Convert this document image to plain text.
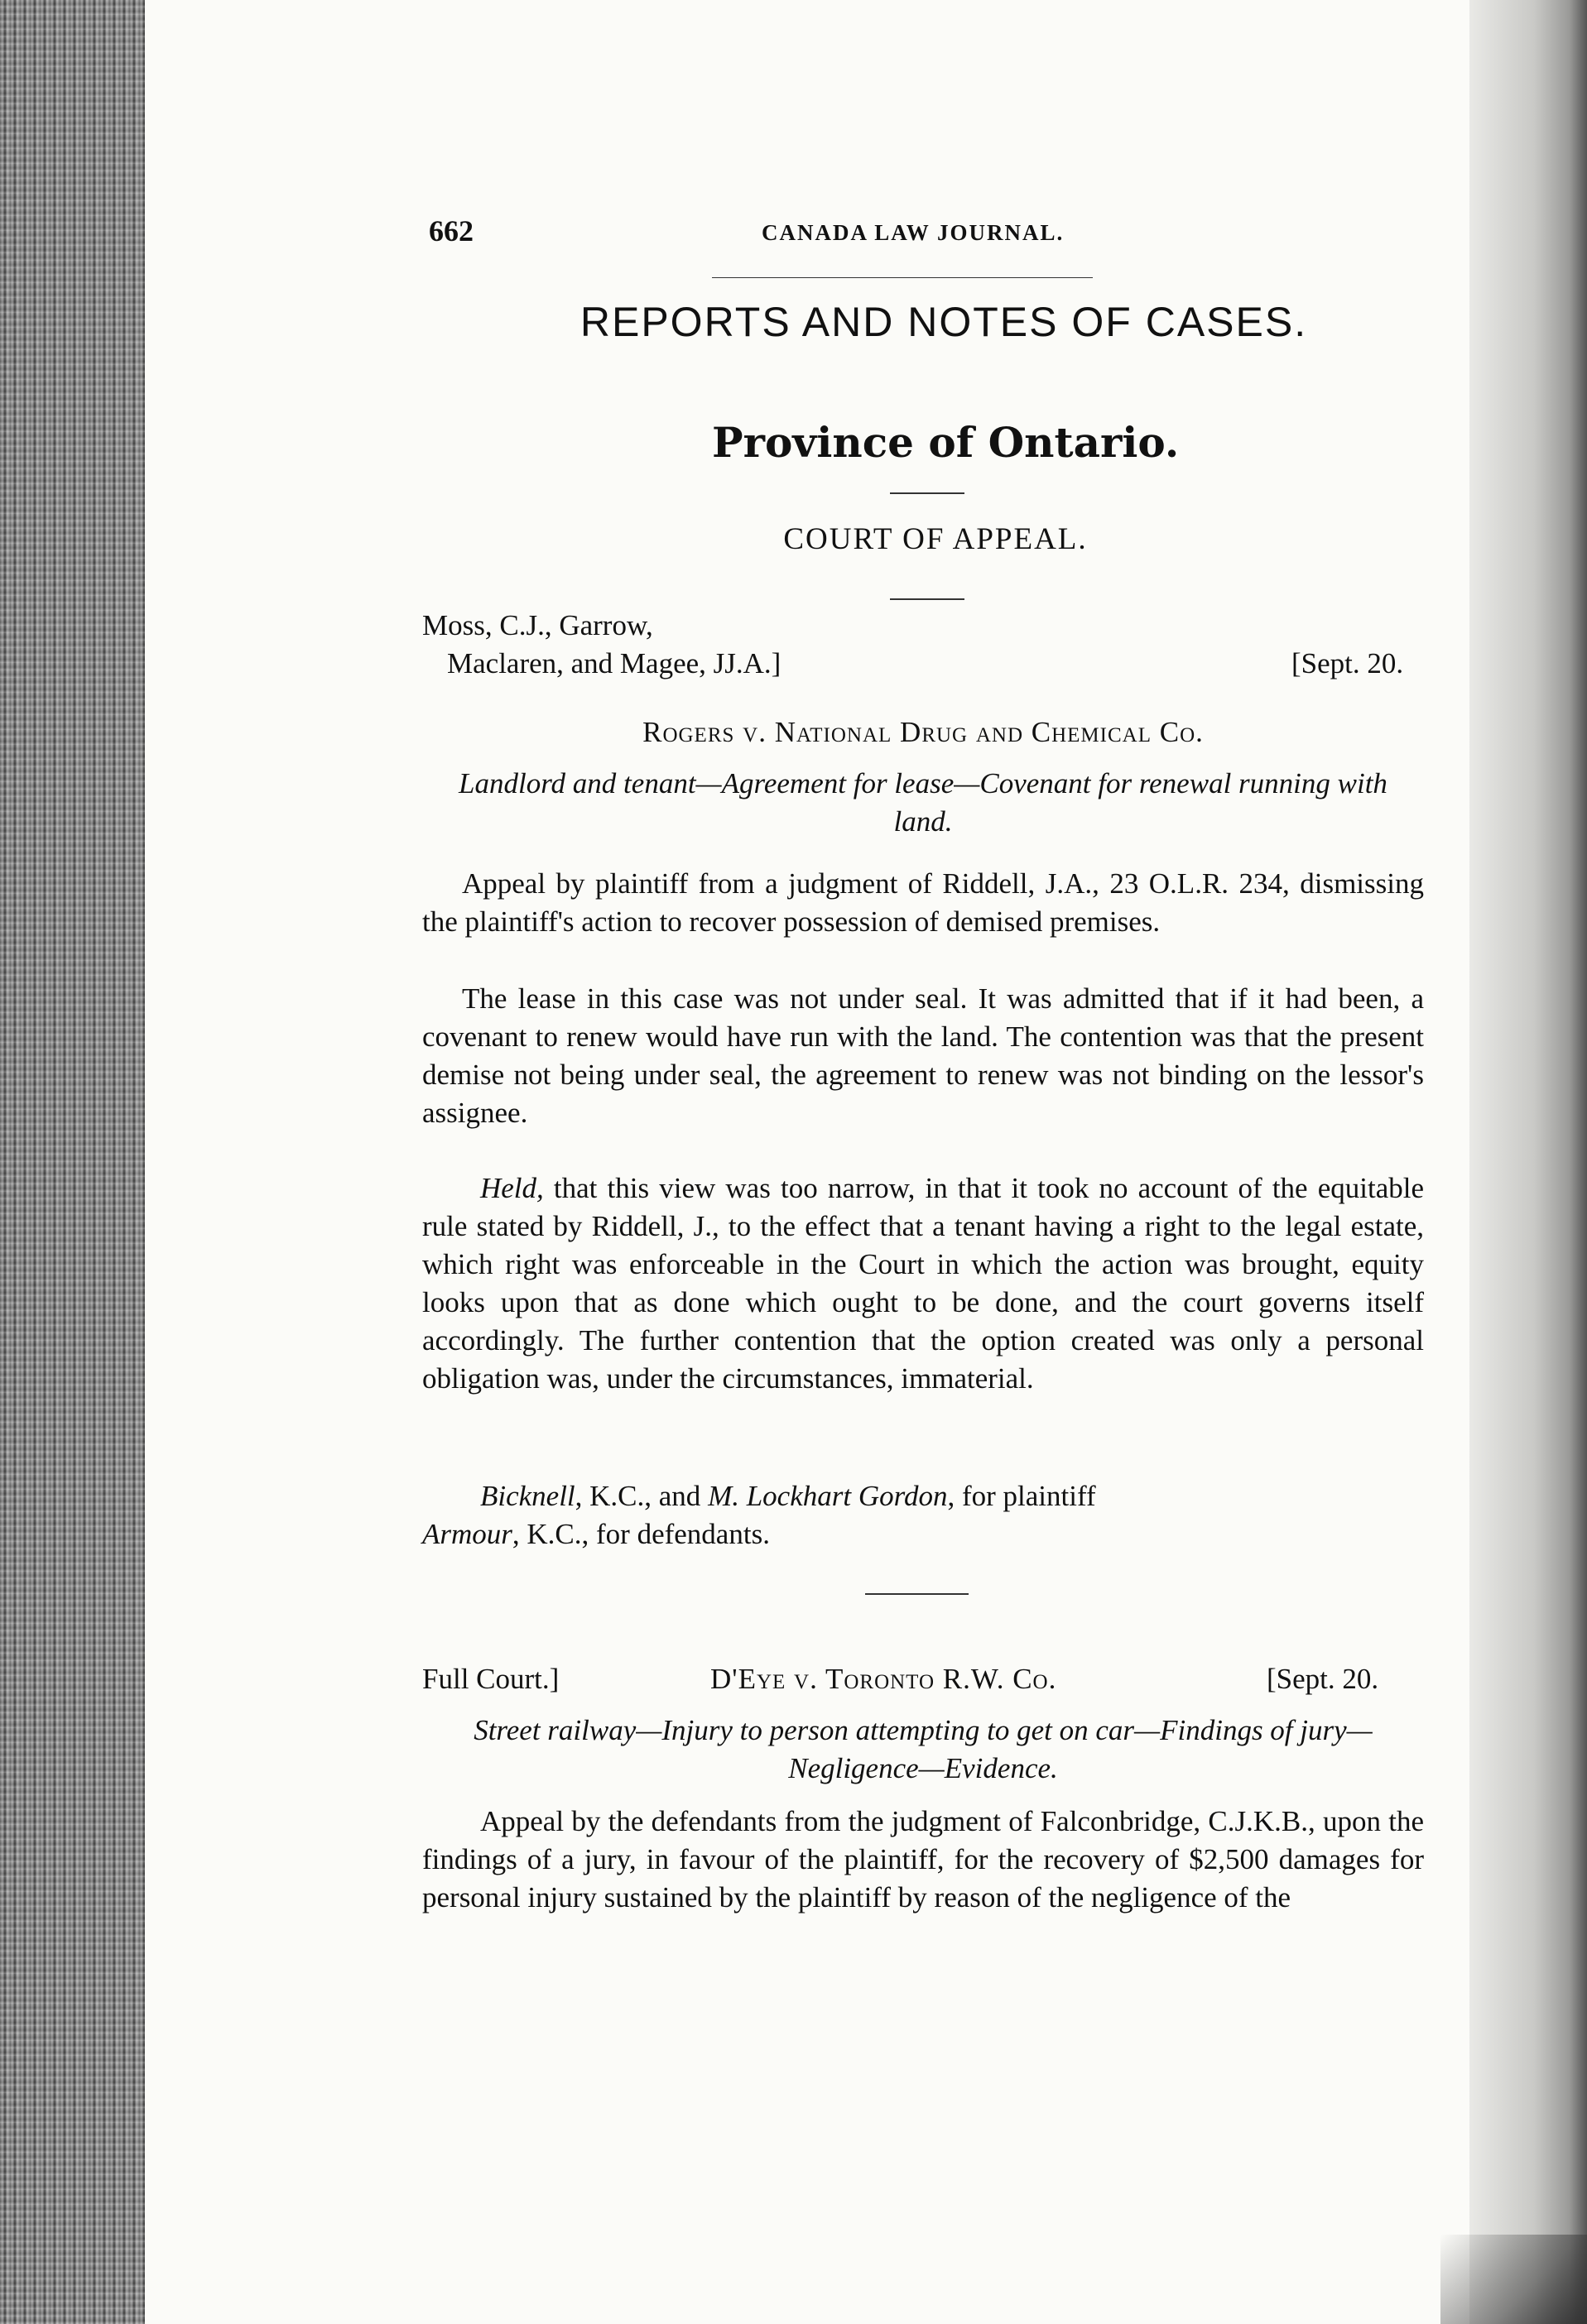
662	CANADA LAW JOURNAL.
REPORTS AND NOTES OF CASES.
Province of Ontario.
COURT OF APPEAL.
Moss, C.J., Garrow,
Maclaren, and Magee, JJ.A.]	[Sept. 20.
Rogers v. National Drug and Chemical Co.
Landlord and tenant—Agreement for lease—Covenant for renewal running with land.
Appeal by plaintiff from a judgment of Riddell, J.A., 23 O.L.R. 234, dismissing the plaintiff's action to recover possession of demised premises.
The lease in this case was not under seal. It was admitted that if it had been, a covenant to renew would have run with the land. The contention was that the present demise not being under seal, the agreement to renew was not binding on the lessor's assignee.
Held, that this view was too narrow, in that it took no account of the equitable rule stated by Riddell, J., to the effect that a tenant having a right to the legal estate, which right was enforceable in the Court in which the action was brought, equity looks upon that as done which ought to be done, and the court governs itself accordingly. The further contention that the option created was only a personal obligation was, under the circumstances, immaterial.
Bicknell, K.C., and M. Lockhart Gordon, for plaintiff
Armour, K.C., for defendants.
Full Court.]	D'Eye v. Toronto R.W. Co.	[Sept. 20.
Street railway—Injury to person attempting to get on car—Findings of jury—Negligence—Evidence.
Appeal by the defendants from the judgment of Falconbridge, C.J.K.B., upon the findings of a jury, in favour of the plaintiff, for the recovery of $2,500 damages for personal injury sustained by the plaintiff by reason of the negligence of the
